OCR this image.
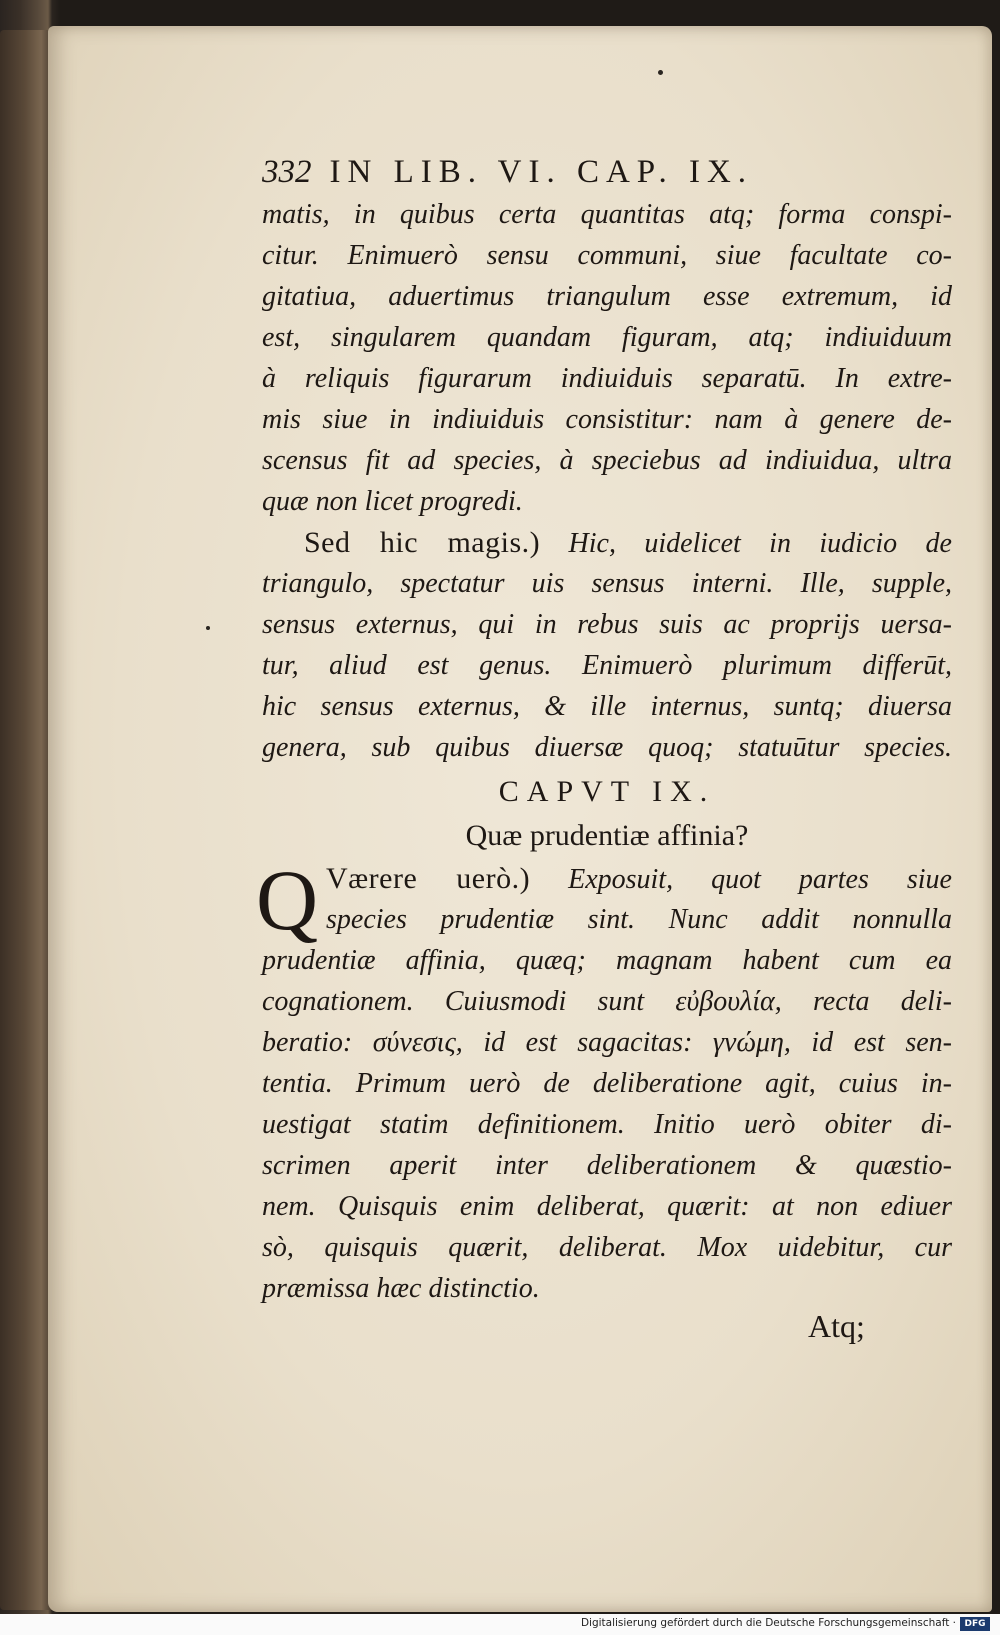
332 IN LIB. VI. CAP. IX.
matis, in quibus certa quantitas atq; forma conspi-
citur. Enimuerò sensu communi, siue facultate co-
gitatiua, aduertimus triangulum esse extremum, id
est, singularem quandam figuram, atq; indiuiduum
à reliquis figurarum indiuiduis separatū. In extre-
mis siue in indiuiduis consistitur: nam à genere de-
scensus fit ad species, à speciebus ad indiuidua, ultra
quæ non licet progredi.
Sed hic magis.) Hic, uidelicet in iudicio de
triangulo, spectatur uis sensus interni. Ille, supple,
sensus externus, qui in rebus suis ac proprijs uersa-
tur, aliud est genus. Enimuerò plurimum differūt,
hic sensus externus, & ille internus, suntq; diuersa
genera, sub quibus diuersæ quoq; statuūtur species.
CAPVT IX.
Quæ prudentiæ affinia?
Q Værere uerò.) Exposuit, quot partes siue
species prudentiæ sint. Nunc addit nonnulla
prudentiæ affinia, quæq; magnam habent cum ea
cognationem. Cuiusmodi sunt εὐβουλία, recta deli-
beratio: σύνεσις, id est sagacitas: γνώμη, id est sen-
tentia. Primum uerò de deliberatione agit, cuius in-
uestigat statim definitionem. Initio uerò obiter di-
scrimen aperit inter deliberationem & quæstio-
nem. Quisquis enim deliberat, quærit: at non ediuer
sò, quisquis quærit, deliberat. Mox uidebitur, cur
præmissa hæc distinctio.
Atq;
Digitalisierung gefördert durch die Deutsche Forschungsgemeinschaft · DFG
